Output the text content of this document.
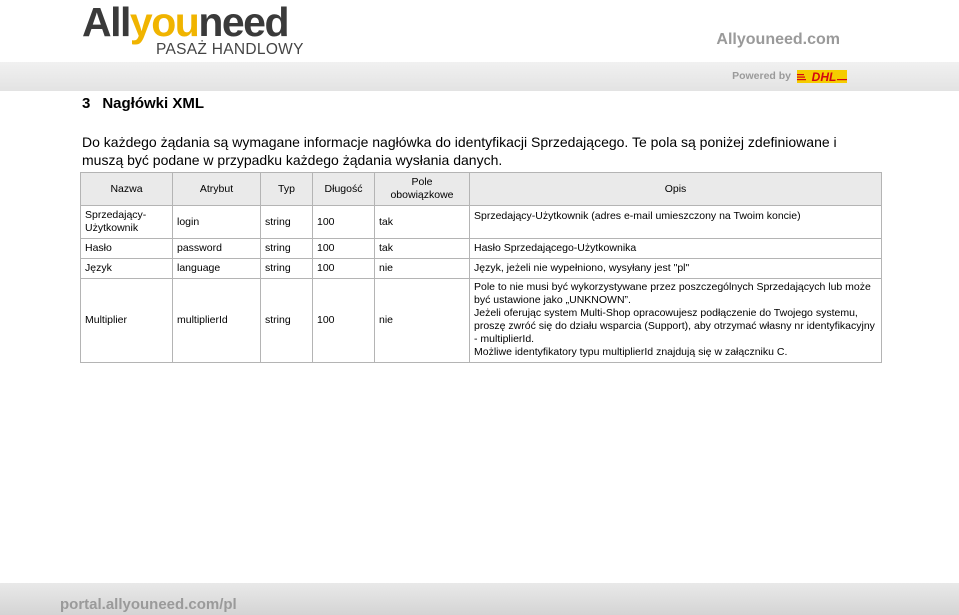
Allyouneed
PASAŻ HANDLOWY
Allyouneed.com
Powered by DHL
3 Nagłówki XML
Do każdego żądania są wymagane informacje nagłówka do identyfikacji Sprzedającego. Te pola są poniżej zdefiniowane i muszą być podane w przypadku każdego żądania wysłania danych.
Nazwa	Atrybut	Typ	Długość	Pole obowiązkowe	Opis
Sprzedający-Użytkownik	login	string	100	tak	Sprzedający-Użytkownik (adres e-mail umieszczony na Twoim koncie)

Hasło	password	string	100	tak	Hasło Sprzedającego-Użytkownika

Język	language	string	100	nie	Język, jeżeli nie wypełniono, wysyłany jest "pl"

Multiplier	multiplierId	string	100	nie	Pole to nie musi być wykorzystywane przez poszczególnych Sprzedających lub może być ustawione jako „UNKNOWN”.
Jeżeli oferując system Multi-Shop opracowujesz podłączenie do Twojego systemu, proszę zwróć się do działu wsparcia (Support), aby otrzymać własny nr identyfikacyjny - multiplierId.
Możliwe identyfikatory typu multiplierId znajdują się w załączniku C.
portal.allyouneed.com/pl
